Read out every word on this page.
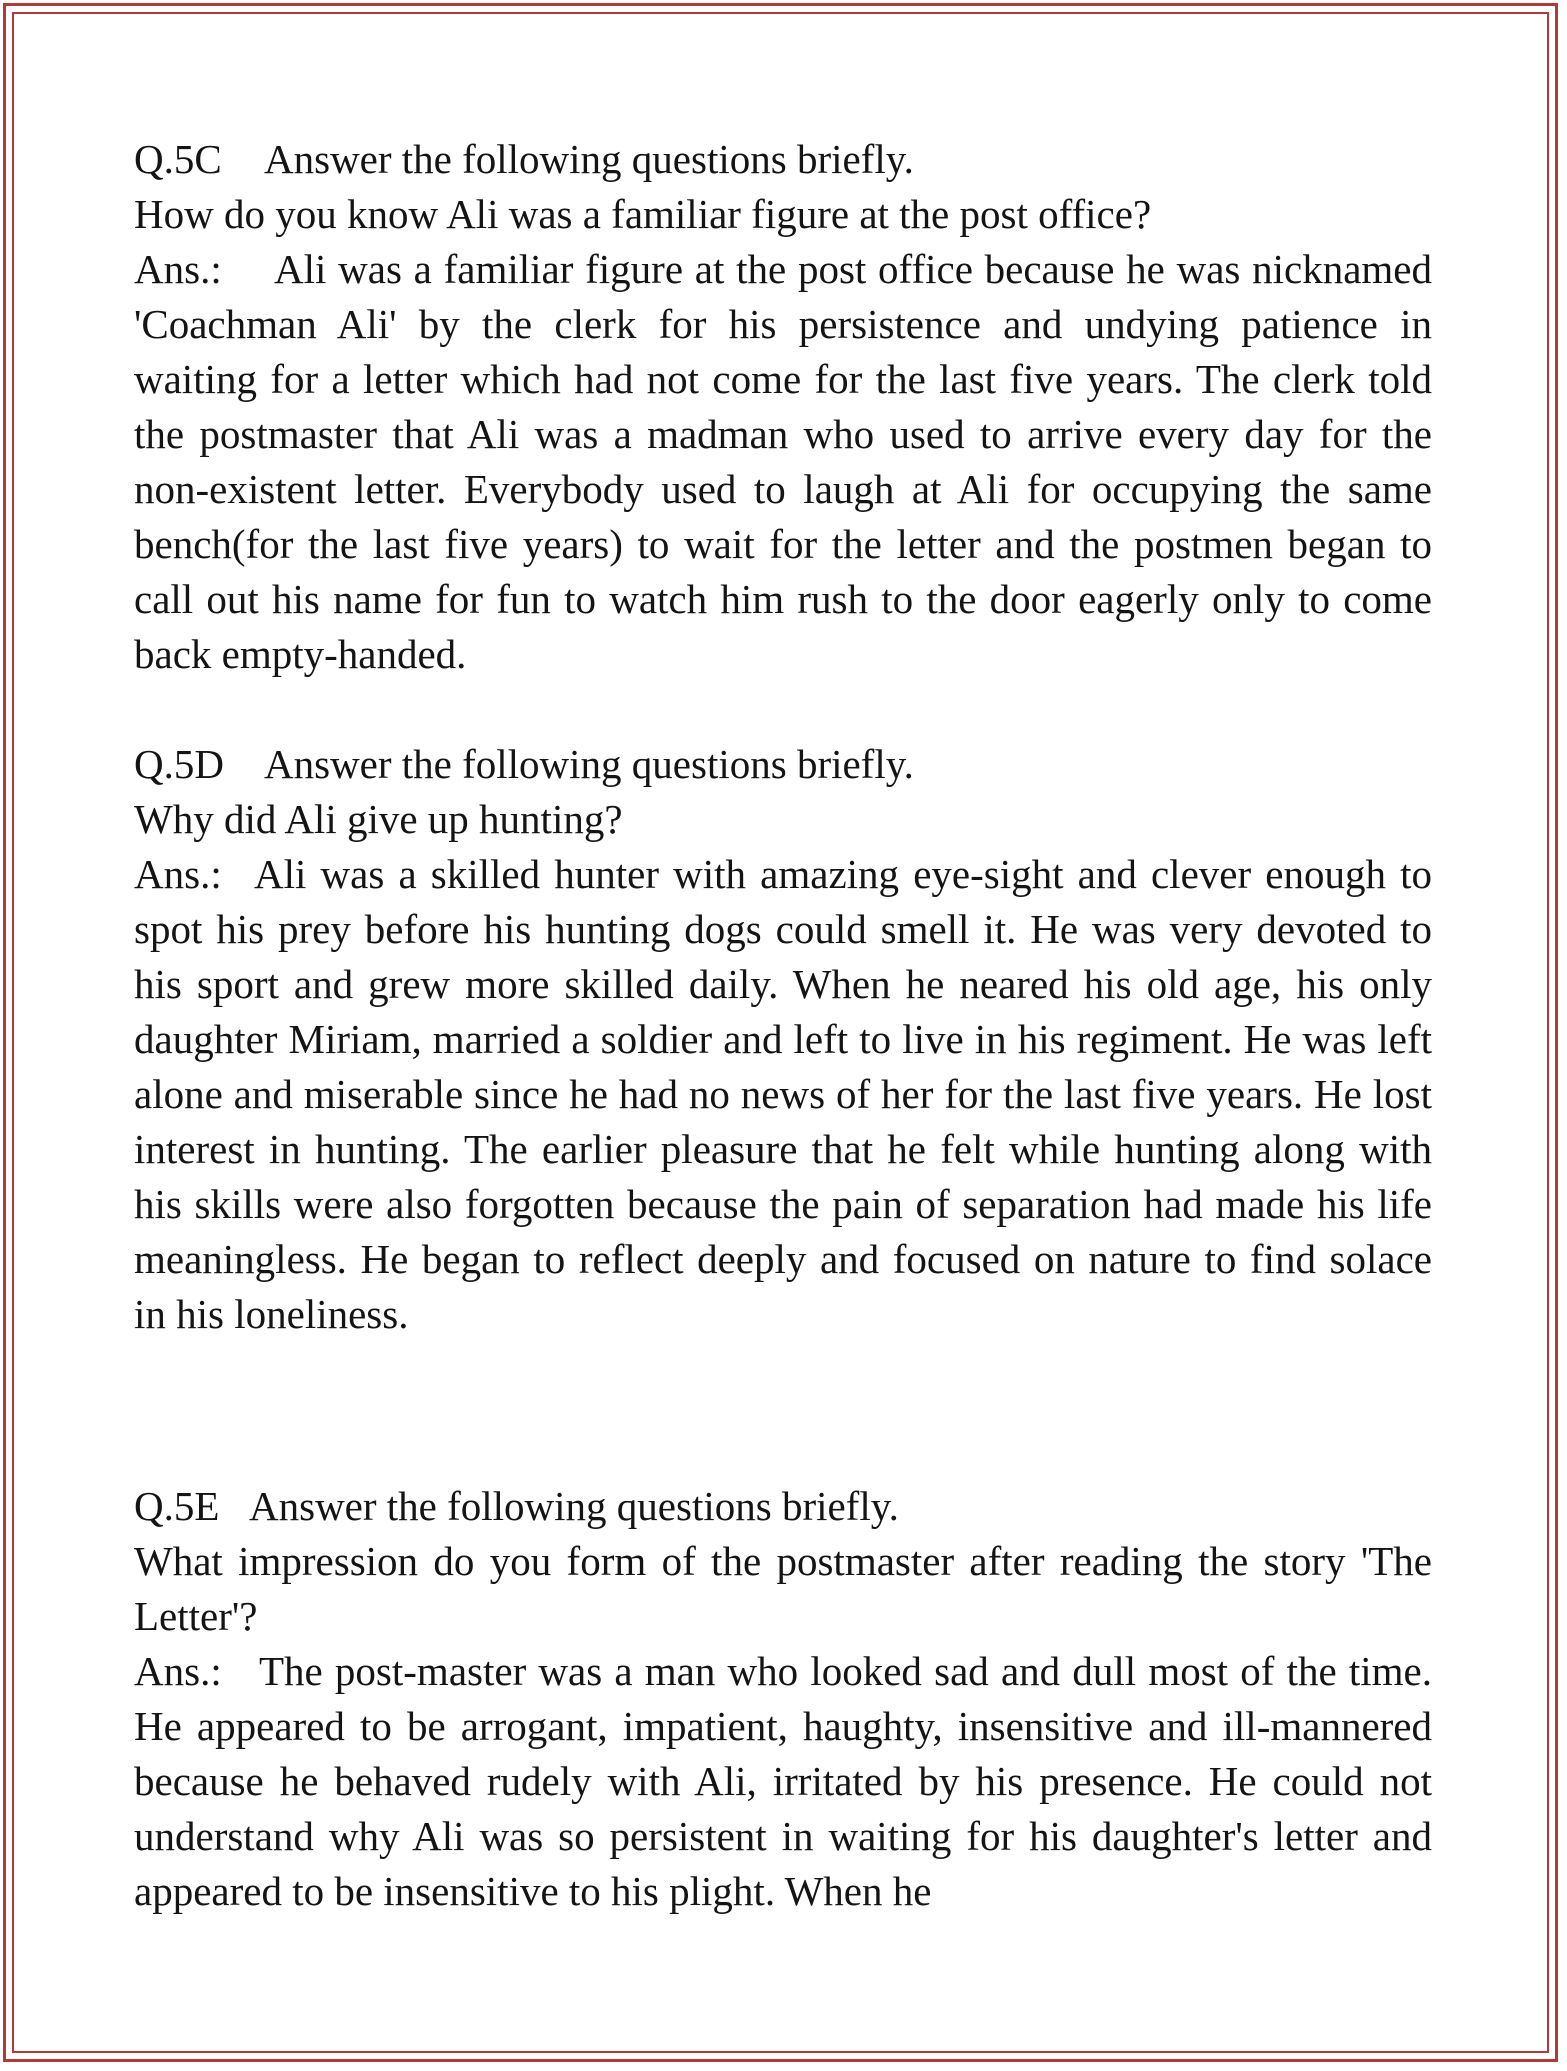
Q.5C Answer the following questions briefly.
How do you know Ali was a familiar figure at the post office?
Ans.: Ali was a familiar figure at the post office because he was nicknamed 'Coachman Ali' by the clerk for his persistence and undying patience in waiting for a letter which had not come for the last five years. The clerk told the postmaster that Ali was a madman who used to arrive every day for the non-existent letter. Everybody used to laugh at Ali for occupying the same bench(for the last five years) to wait for the letter and the postmen began to call out his name for fun to watch him rush to the door eagerly only to come back empty-handed.
Q.5D Answer the following questions briefly.
Why did Ali give up hunting?
Ans.: Ali was a skilled hunter with amazing eye-sight and clever enough to spot his prey before his hunting dogs could smell it. He was very devoted to his sport and grew more skilled daily. When he neared his old age, his only daughter Miriam, married a soldier and left to live in his regiment. He was left alone and miserable since he had no news of her for the last five years. He lost interest in hunting. The earlier pleasure that he felt while hunting along with his skills were also forgotten because the pain of separation had made his life meaningless. He began to reflect deeply and focused on nature to find solace in his loneliness.
Q.5E Answer the following questions briefly.
What impression do you form of the postmaster after reading the story 'The Letter'?
Ans.: The post-master was a man who looked sad and dull most of the time. He appeared to be arrogant, impatient, haughty, insensitive and ill-mannered because he behaved rudely with Ali, irritated by his presence. He could not understand why Ali was so persistent in waiting for his daughter's letter and appeared to be insensitive to his plight. When he
